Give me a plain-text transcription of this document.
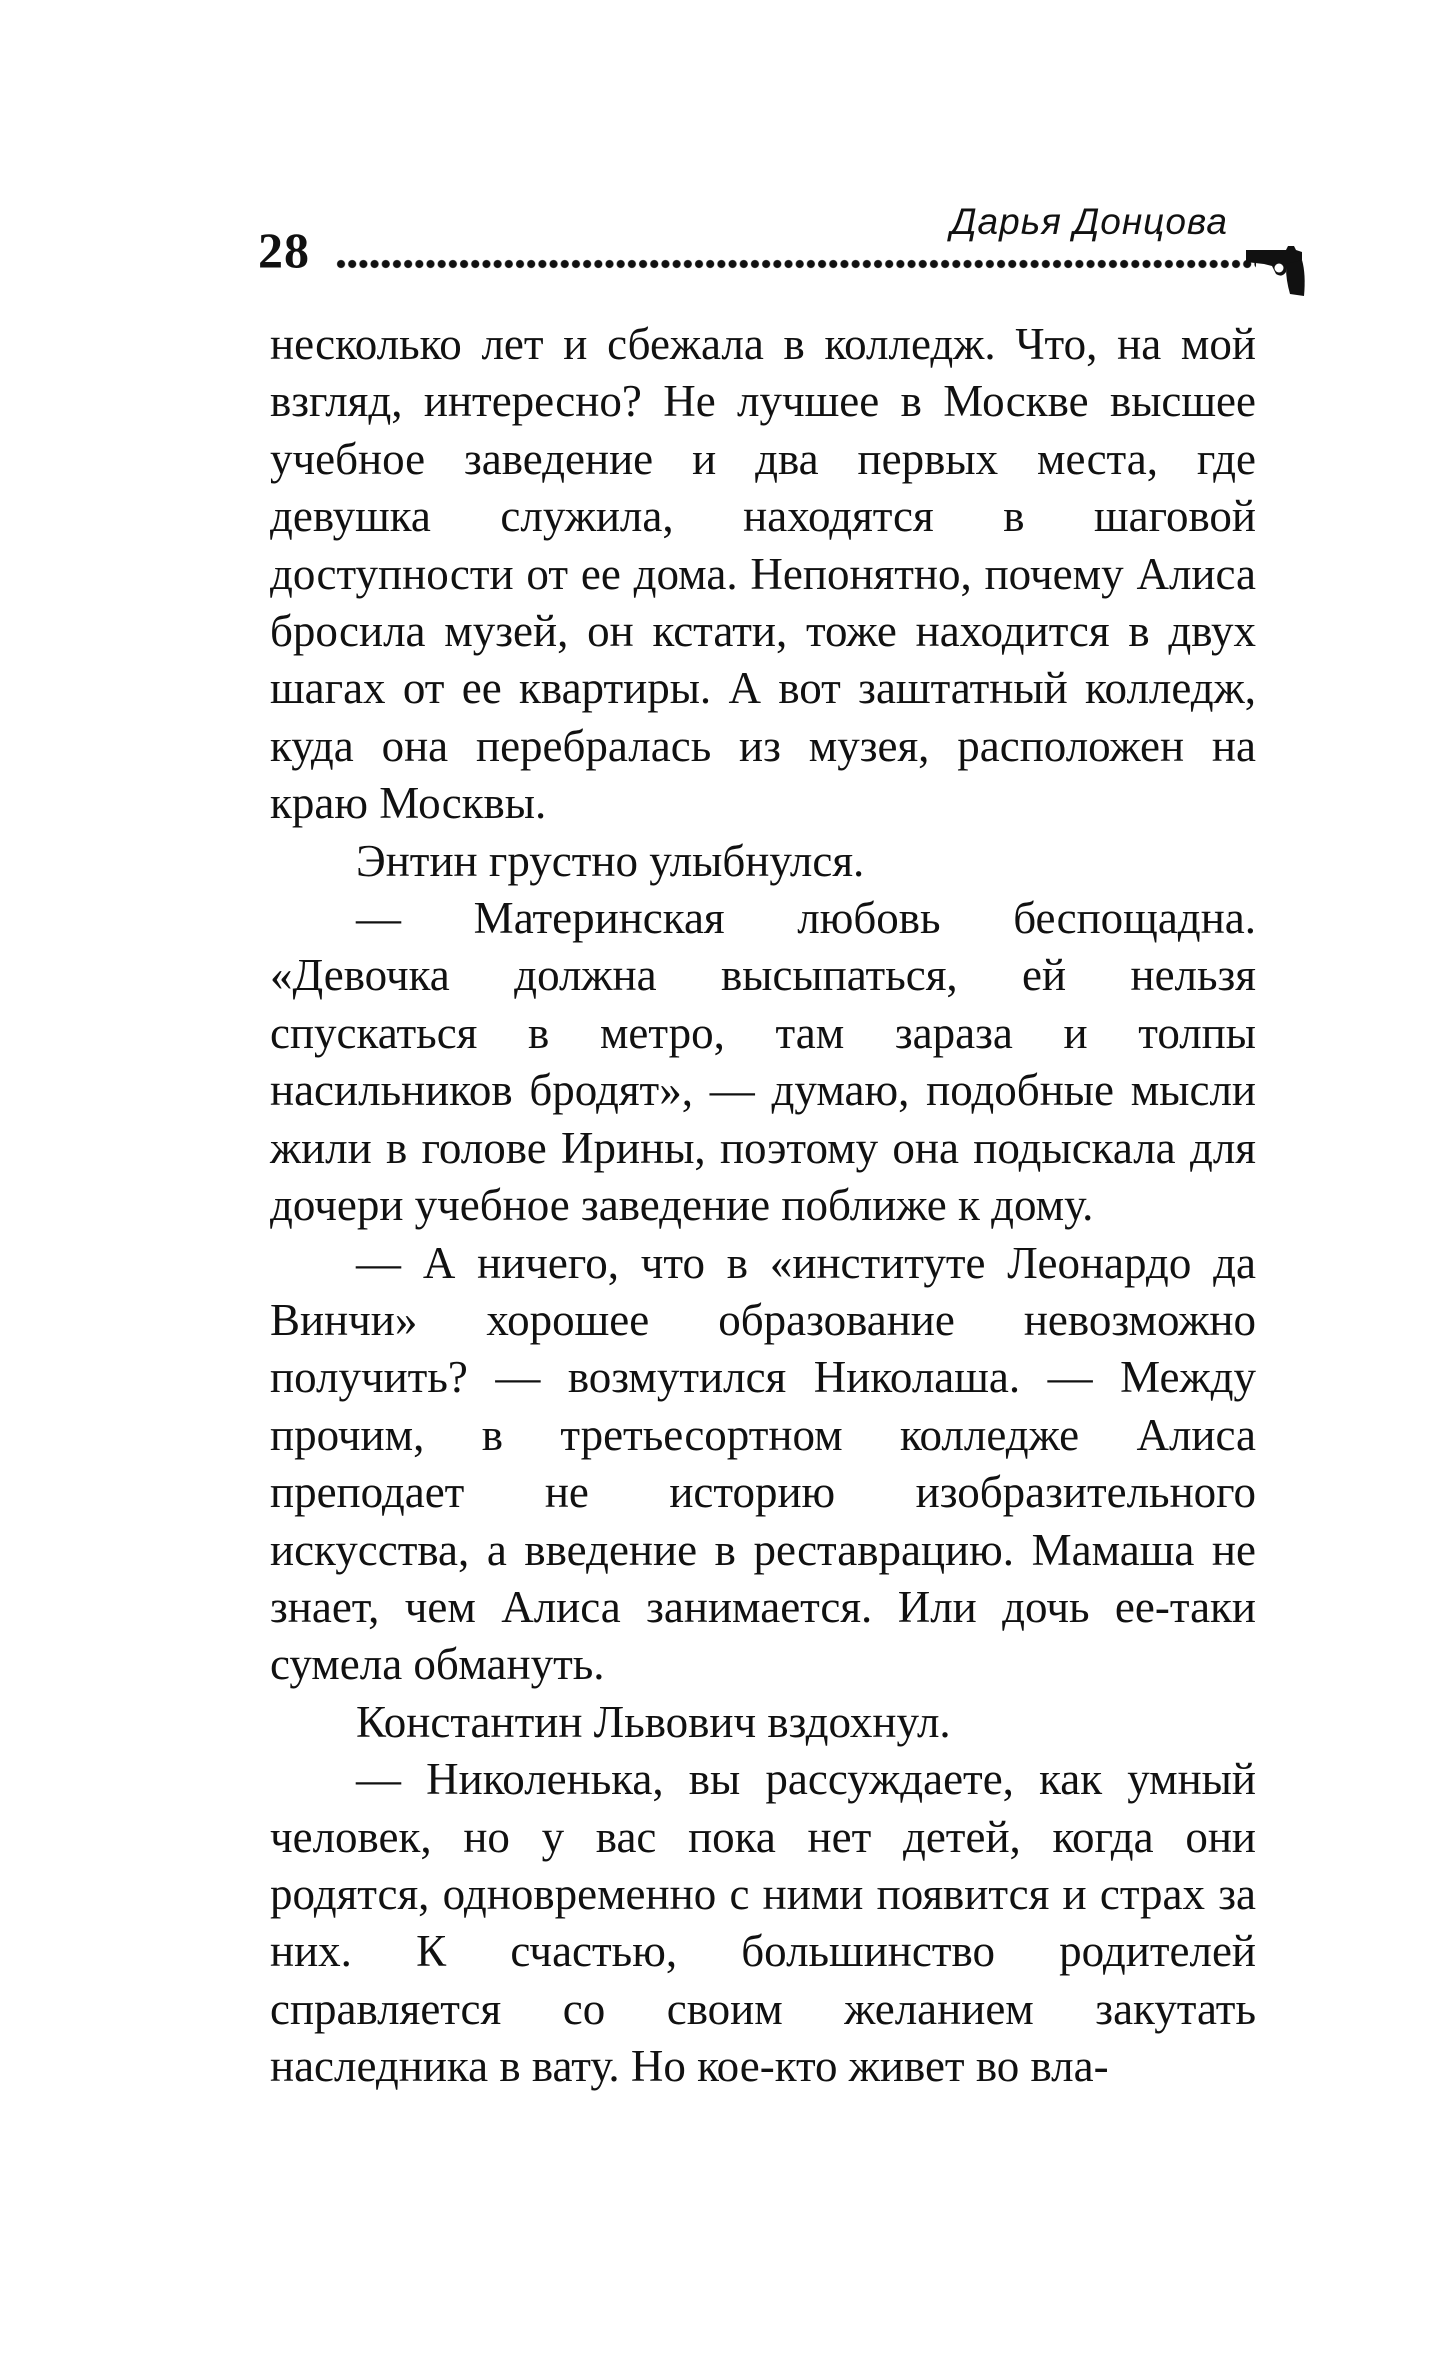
28
Дарья Донцова

несколько лет и сбежала в колледж. Что, на мой взгляд, интересно? Не лучшее в Москве высшее учебное заведение и два первых места, где девушка служила, находятся в шаговой доступности от ее дома. Непонятно, почему Алиса бросила музей, он кстати, тоже находится в двух шагах от ее квартиры. А вот заштатный колледж, куда она перебралась из музея, расположен на краю Москвы.

Энтин грустно улыбнулся.

— Материнская любовь беспощадна. «Девочка должна высыпаться, ей нельзя спускаться в метро, там зараза и толпы насильников бродят», — думаю, подобные мысли жили в голове Ирины, поэтому она подыскала для дочери учебное заведение поближе к дому.

— А ничего, что в «институте Леонардо да Винчи» хорошее образование невозможно получить? — возмутился Николаша. — Между прочим, в третьесортном колледже Алиса преподает не историю изобразительного искусства, а введение в реставрацию. Мамаша не знает, чем Алиса занимается. Или дочь ее-таки сумела обмануть.

Константин Львович вздохнул.

— Николенька, вы рассуждаете, как умный человек, но у вас пока нет детей, когда они родятся, одновременно с ними появится и страх за них. К счастью, большинство родителей справляется со своим желанием закутать наследника в вату. Но кое-кто живет во вла-
